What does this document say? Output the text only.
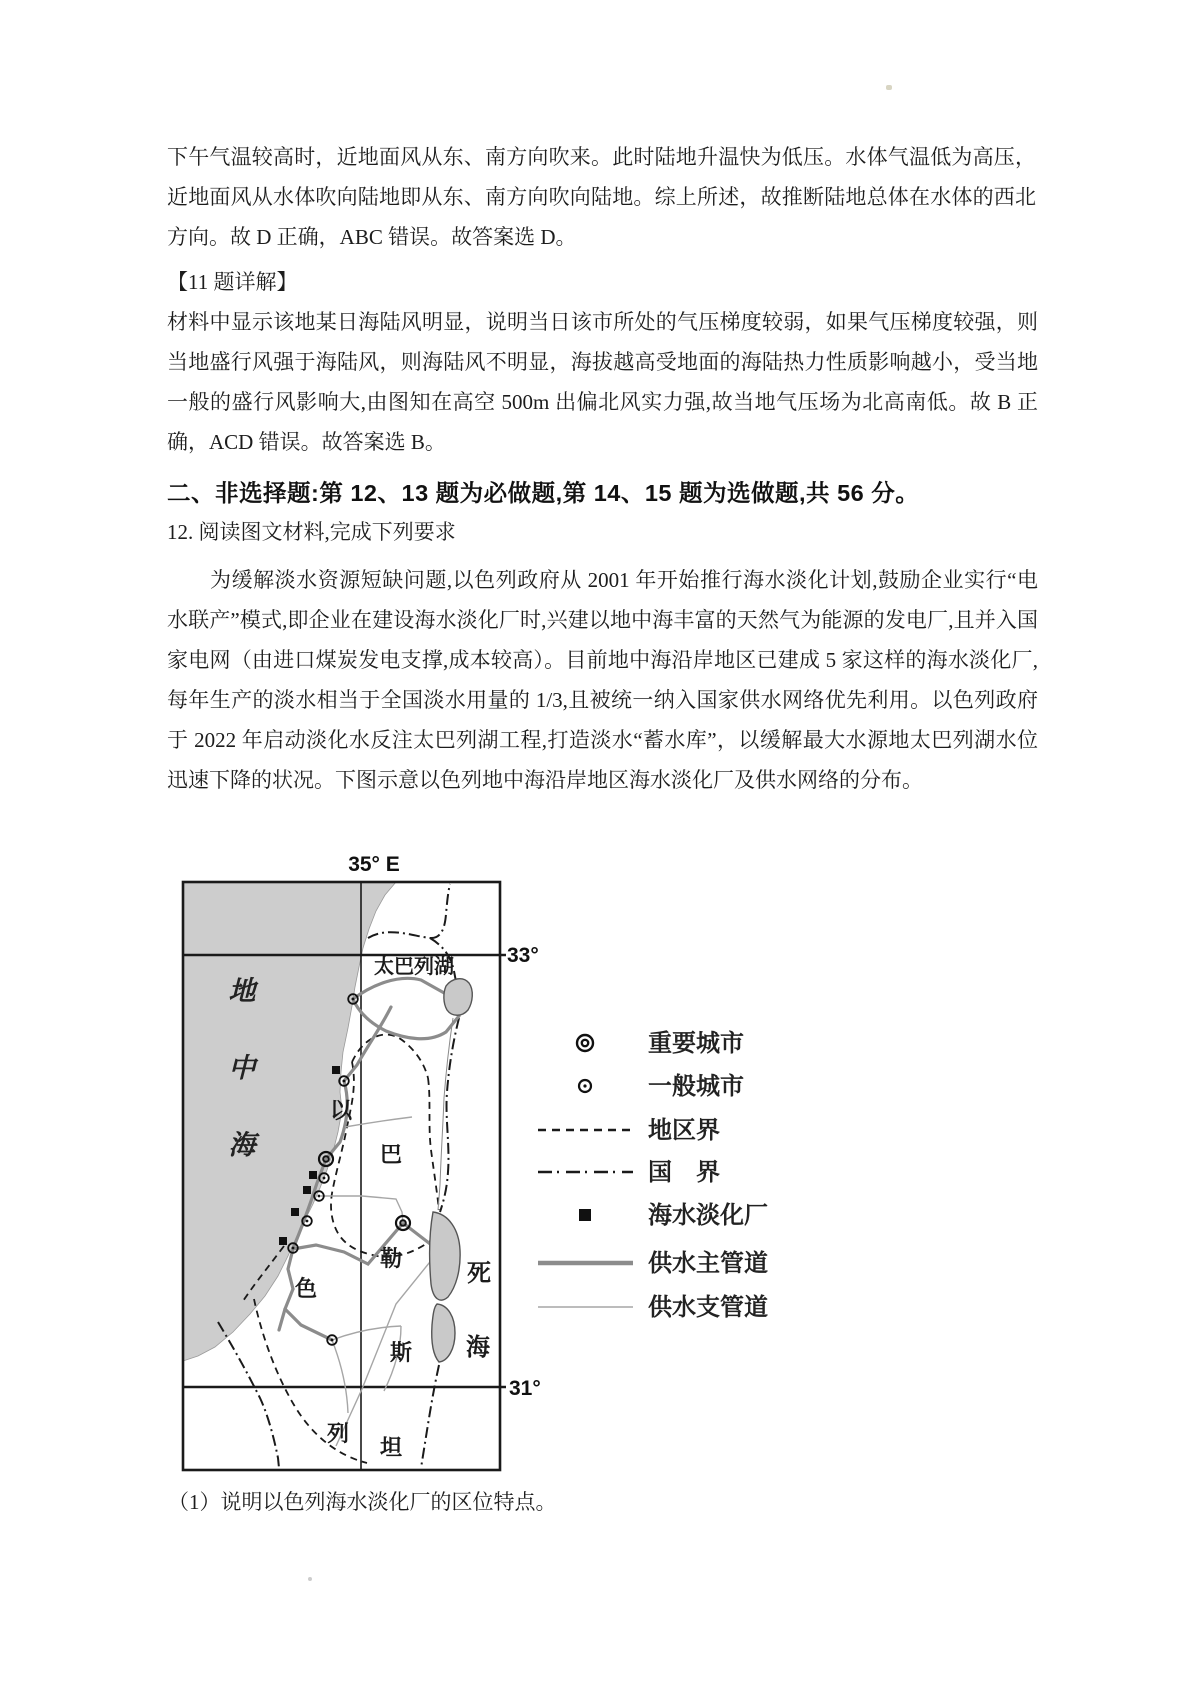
下午气温较高时，近地面风从东、南方向吹来。此时陆地升温快为低压。水体气温低为高压，近地面风从水体吹向陆地即从东、南方向吹向陆地。综上所述，故推断陆地总体在水体的西北方向。故 D 正确，ABC 错误。故答案选 D。

【11 题详解】

材料中显示该地某日海陆风明显，说明当日该市所处的气压梯度较弱，如果气压梯度较强，则当地盛行风强于海陆风，则海陆风不明显，海拔越高受地面的海陆热力性质影响越小，受当地一般的盛行风影响大,由图知在高空 500m 出偏北风实力强,故当地气压场为北高南低。故 B 正确，ACD 错误。故答案选 B。

二、非选择题:第 12、13 题为必做题,第 14、15 题为选做题,共 56 分。

12. 阅读图文材料,完成下列要求

为缓解淡水资源短缺问题,以色列政府从 2001 年开始推行海水淡化计划,鼓励企业实行“电水联产”模式,即企业在建设海水淡化厂时,兴建以地中海丰富的天然气为能源的发电厂,且并入国家电网（由进口煤炭发电支撑,成本较高）。目前地中海沿岸地区已建成 5 家这样的海水淡化厂,每年生产的淡水相当于全国淡水用量的 1/3,且被统一纳入国家供水网络优先利用。以色列政府于 2022 年启动淡化水反注太巴列湖工程,打造淡水“蓄水库”，以缓解最大水源地太巴列湖水位迅速下降的状况。下图示意以色列地中海沿岸地区海水淡化厂及供水网络的分布。

35° E
33°
31°
地
中
海
太巴列湖
以
色
列
巴
勒
斯
坦
死
海
重要城市
一般城市
地区界
国　界
海水淡化厂
供水主管道
供水支管道

（1）说明以色列海水淡化厂的区位特点。
